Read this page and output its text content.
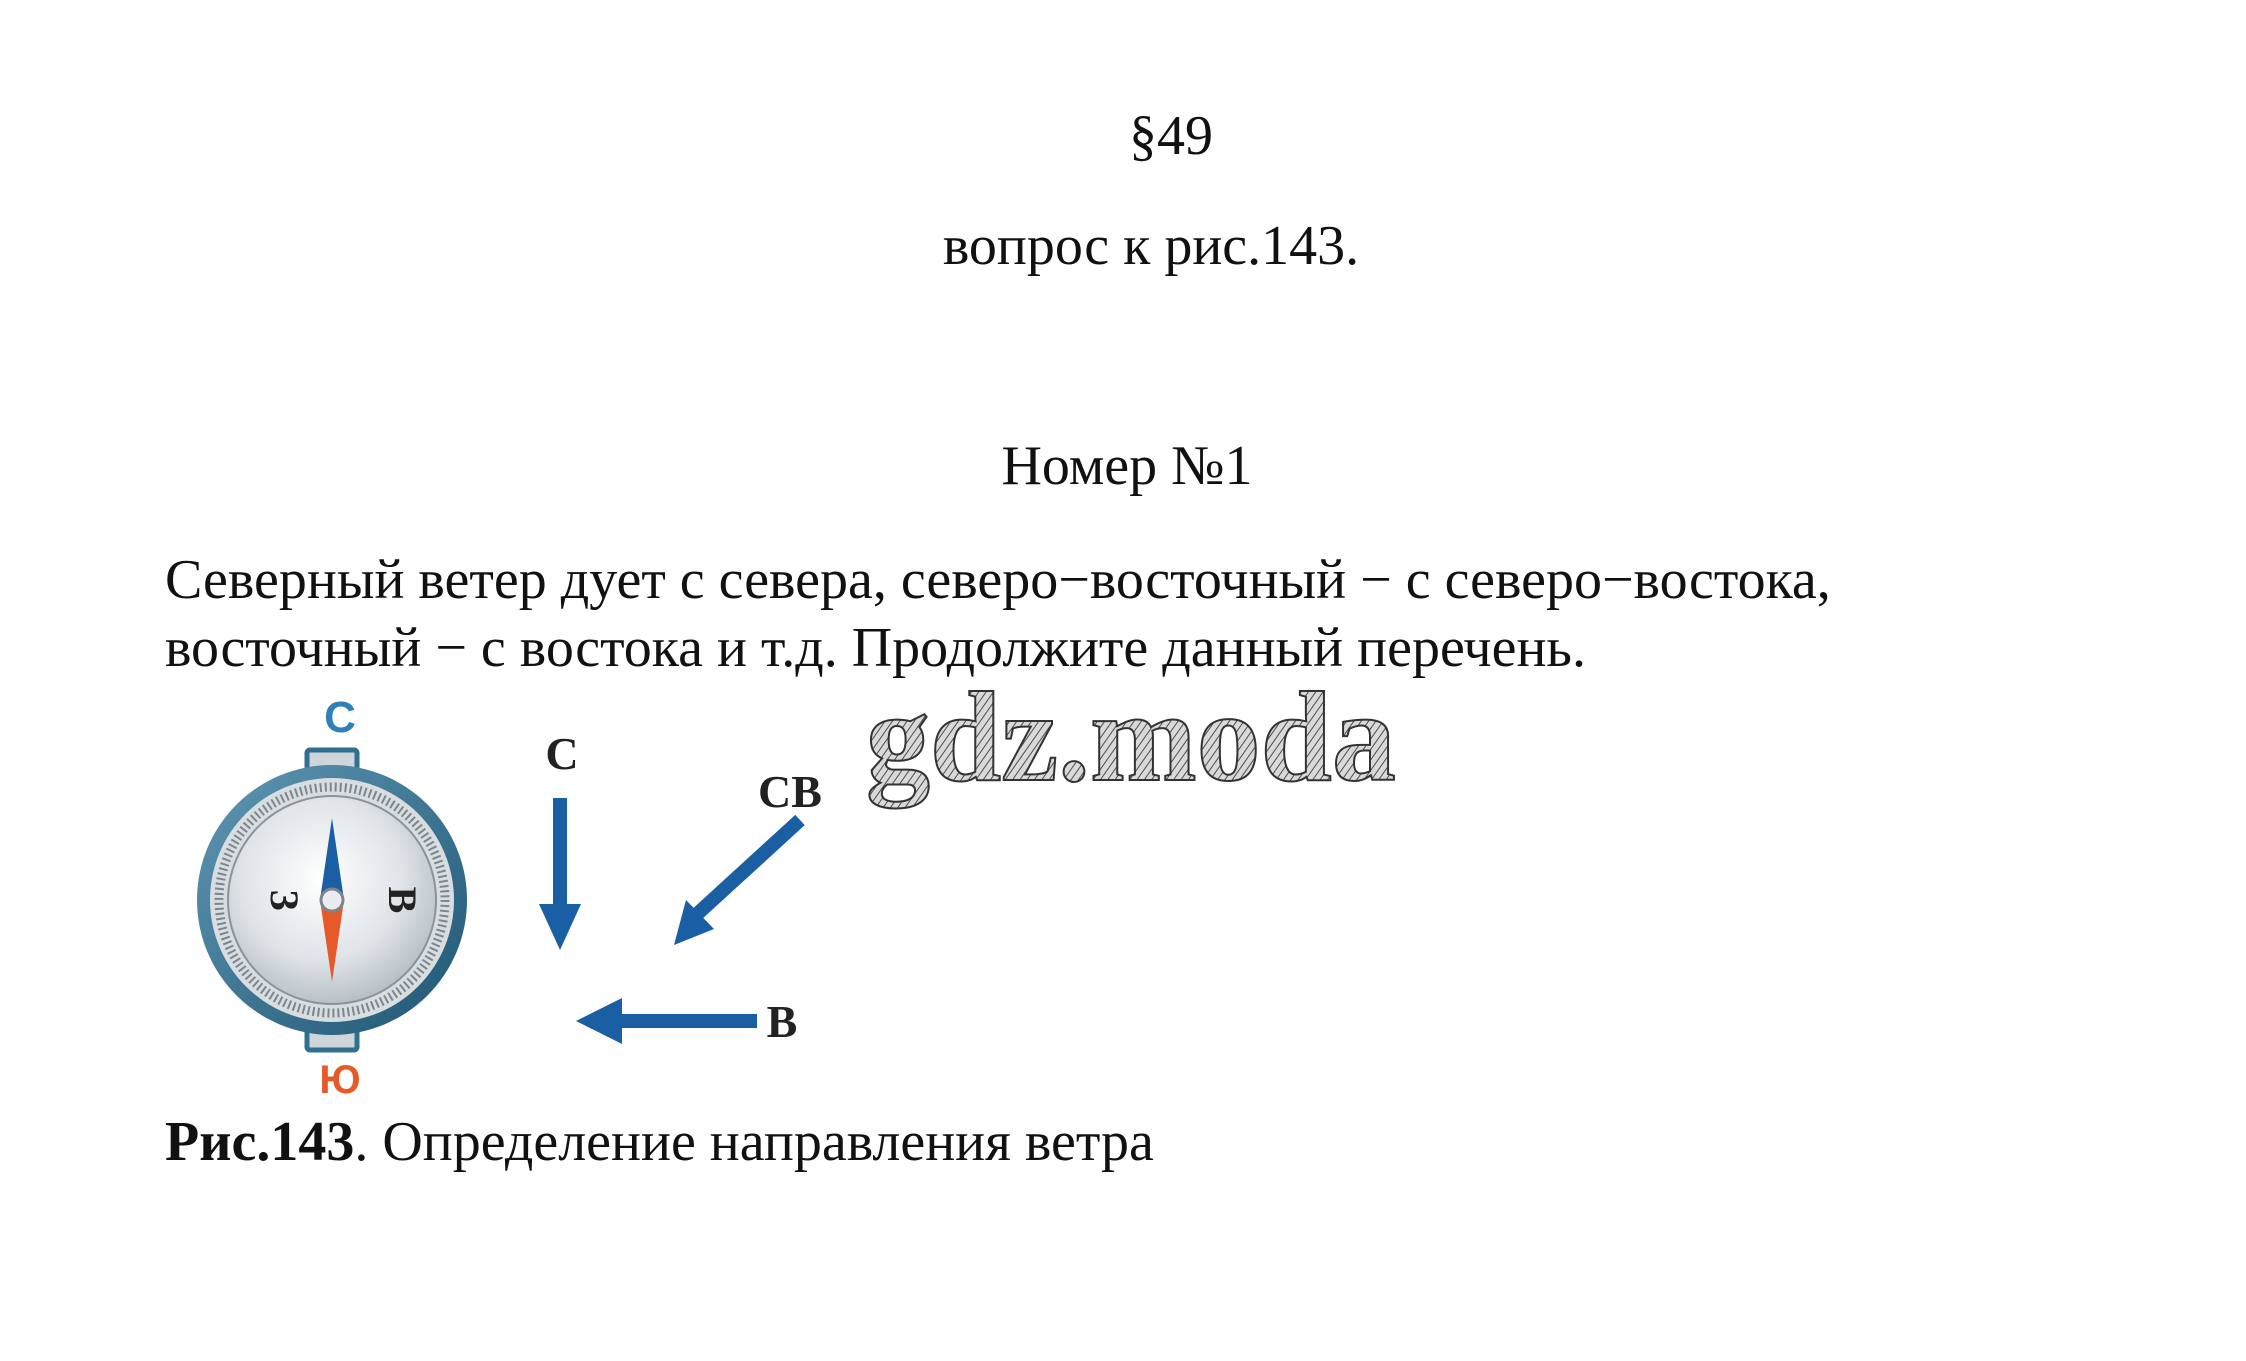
§49
вопрос к рис.143.
Номер №1
Северный ветер дует с севера, северо−восточный − с северо−востока,
восточный − с востока и т.д. Продолжите данный перечень.
З В
С
Ю
С
СВ
В
Рис.143. Определение направления ветра
gdz.moda
